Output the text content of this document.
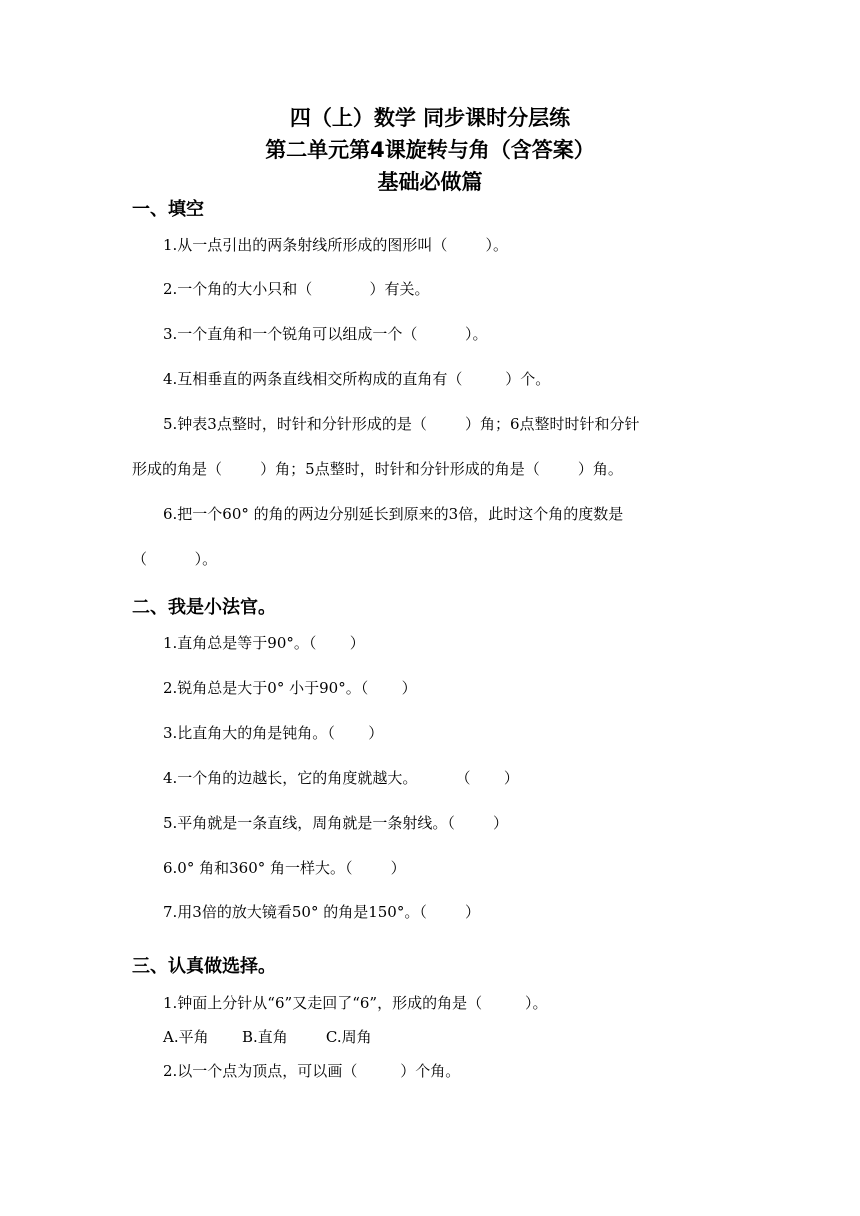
四（上）数学 同步课时分层练
第二单元第4课旋转与角（含答案）
基础必做篇
一、填空
1.从一点引出的两条射线所形成的图形叫（        ）。
2.一个角的大小只和（            ）有关。
3.一个直角和一个锐角可以组成一个（          ）。
4.互相垂直的两条直线相交所构成的直角有（         ）个。
5.钟表3点整时，时针和分针形成的是（        ）角；6点整时时针和分针
形成的角是（        ）角；5点整时，时针和分针形成的角是（        ）角。
6.把一个60° 的角的两边分别延长到原来的3倍，此时这个角的度数是
（          ）。
二、我是小法官。
1.直角总是等于90°。（       ）
2.锐角总是大于0° 小于90°。（       ）
3.比直角大的角是钝角。（       ）
4.一个角的边越长，它的角度就越大。        （       ）
5.平角就是一条直线，周角就是一条射线。（        ）
6.0° 角和360° 角一样大。（        ）
7.用3倍的放大镜看50° 的角是150°。（        ）
三、认真做选择。
1.钟面上分针从“6”又走回了“6”，形成的角是（         ）。
A.平角       B.直角        C.周角
2.以一个点为顶点，可以画（         ）个角。
